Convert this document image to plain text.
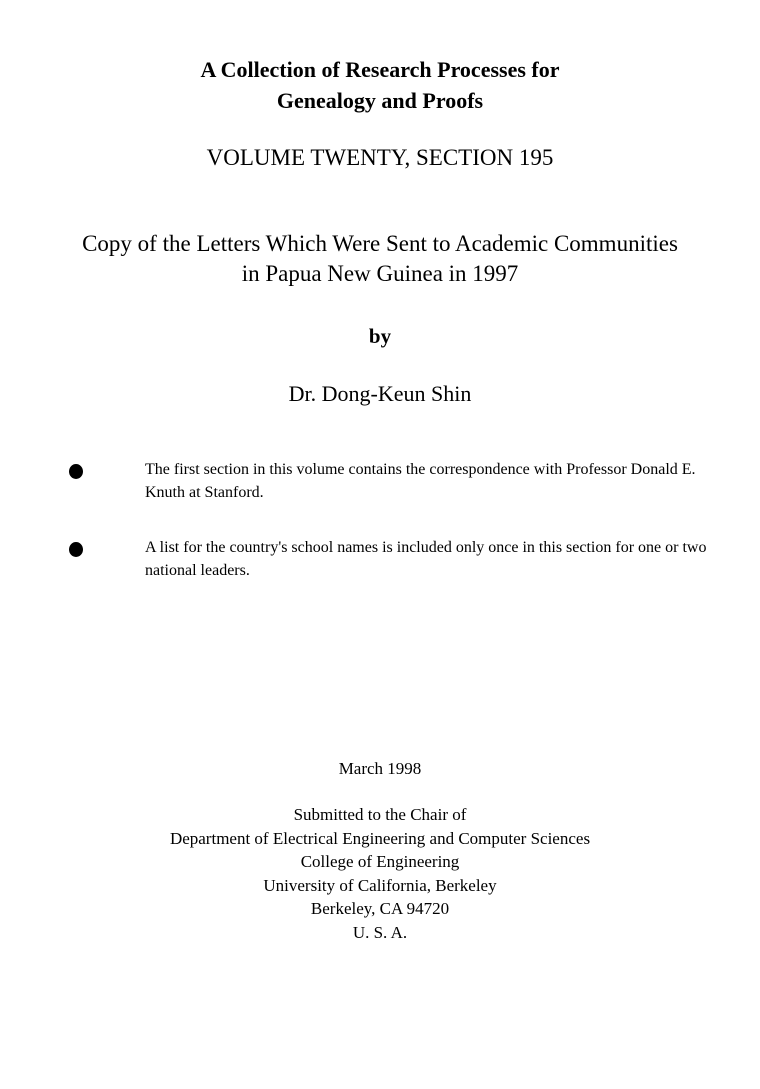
A Collection of Research Processes for
Genealogy and Proofs
VOLUME TWENTY, SECTION 195
Copy of the Letters Which Were Sent to Academic Communities
in Papua New Guinea in 1997
by
Dr. Dong-Keun Shin
The first section in this volume contains the correspondence with Professor Donald E. Knuth at Stanford.
A list for the country's school names is included only once in this section for one or two national leaders.
March 1998
Submitted to the Chair of
Department of Electrical Engineering and Computer Sciences
College of Engineering
University of California, Berkeley
Berkeley, CA 94720
U. S. A.
